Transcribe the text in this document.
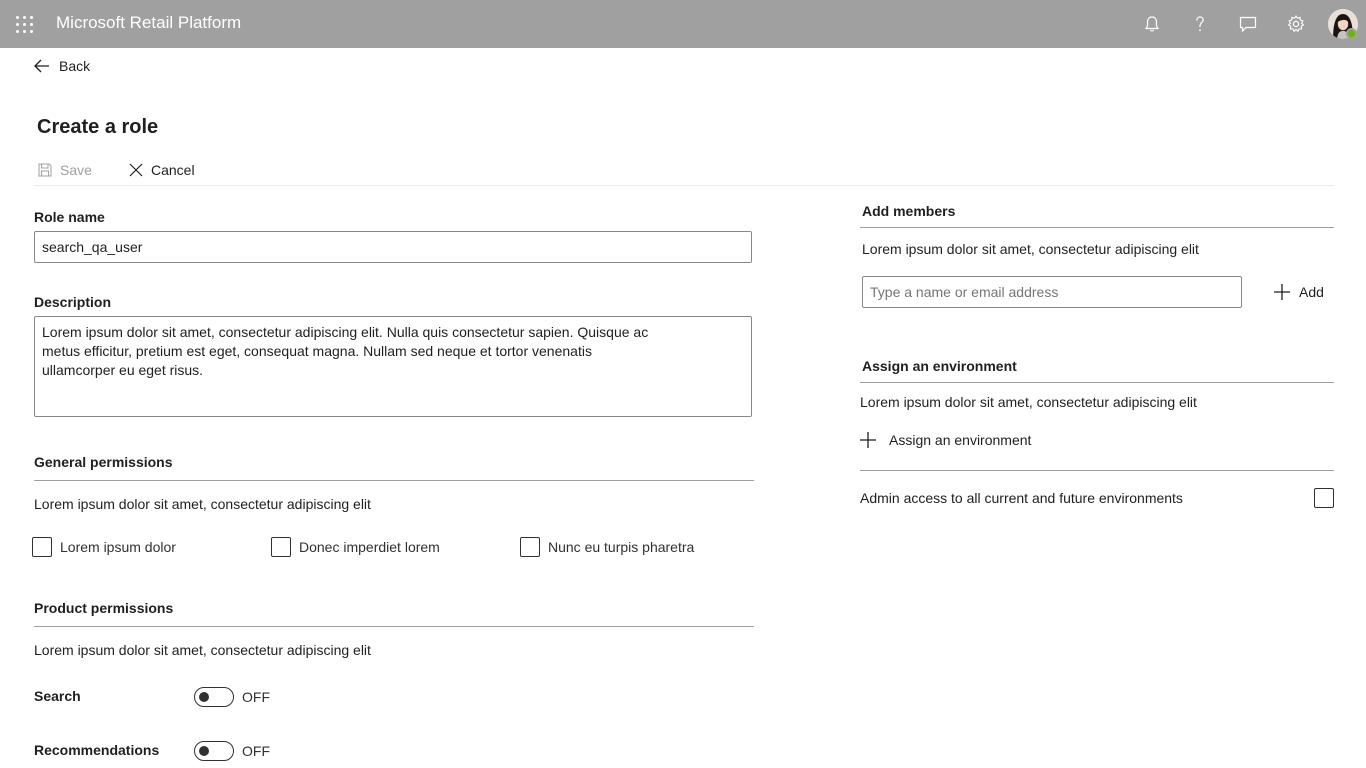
Microsoft Retail Platform
Back
Create a role
Save	Cancel
Role name
search_qa_user
Description
Lorem ipsum dolor sit amet, consectetur adipiscing elit. Nulla quis consectetur sapien. Quisque ac metus efficitur, pretium est eget, consequat magna. Nullam sed neque et tortor venenatis ullamcorper eu eget risus.
General permissions
Lorem ipsum dolor sit amet, consectetur adipiscing elit
Lorem ipsum dolor	Donec imperdiet lorem	Nunc eu turpis pharetra
Product permissions
Lorem ipsum dolor sit amet, consectetur adipiscing elit
Search	OFF
Recommendations	OFF
Add members
Lorem ipsum dolor sit amet, consectetur adipiscing elit
Type a name or email address
Add
Assign an environment
Lorem ipsum dolor sit amet, consectetur adipiscing elit
Assign an environment
Admin access to all current and future environments
